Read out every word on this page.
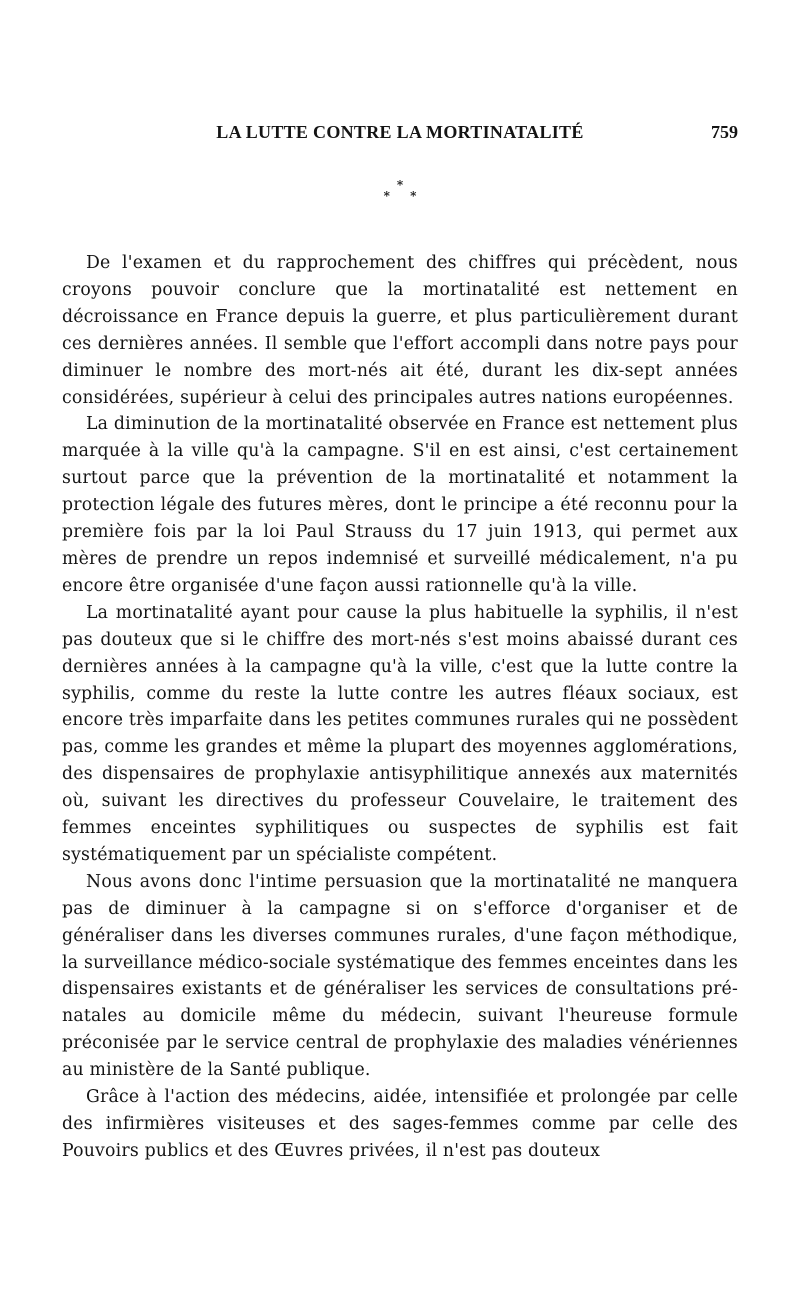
LA LUTTE CONTRE LA MORTINATALITÉ	759
*
* *

De l'examen et du rapprochement des chiffres qui précèdent, nous croyons pouvoir conclure que la mortinatalité est nettement en décroissance en France depuis la guerre, et plus particulièrement durant ces dernières années. Il semble que l'effort accompli dans notre pays pour diminuer le nombre des mort-nés ait été, durant les dix-sept années considérées, supérieur à celui des principales autres nations européennes.

La diminution de la mortinatalité observée en France est nettement plus marquée à la ville qu'à la campagne. S'il en est ainsi, c'est certainement surtout parce que la prévention de la mortinatalité et notamment la protection légale des futures mères, dont le principe a été reconnu pour la première fois par la loi Paul Strauss du 17 juin 1913, qui permet aux mères de prendre un repos indemnisé et surveillé médicalement, n'a pu encore être organisée d'une façon aussi rationnelle qu'à la ville.

La mortinatalité ayant pour cause la plus habituelle la syphilis, il n'est pas douteux que si le chiffre des mort-nés s'est moins abaissé durant ces dernières années à la campagne qu'à la ville, c'est que la lutte contre la syphilis, comme du reste la lutte contre les autres fléaux sociaux, est encore très imparfaite dans les petites communes rurales qui ne possèdent pas, comme les grandes et même la plupart des moyennes agglomérations, des dispensaires de prophylaxie antisyphilitique annexés aux maternités où, suivant les directives du professeur Couvelaire, le traitement des femmes enceintes syphilitiques ou suspectes de syphilis est fait systématiquement par un spécialiste compétent.

Nous avons donc l'intime persuasion que la mortinatalité ne manquera pas de diminuer à la campagne si on s'efforce d'organiser et de généraliser dans les diverses communes rurales, d'une façon méthodique, la surveillance médico-sociale systématique des femmes enceintes dans les dispensaires existants et de généraliser les services de consultations pré-natales au domicile même du médecin, suivant l'heureuse formule préconisée par le service central de prophylaxie des maladies vénériennes au ministère de la Santé publique.

Grâce à l'action des médecins, aidée, intensifiée et prolongée par celle des infirmières visiteuses et des sages-femmes comme par celle des Pouvoirs publics et des Œuvres privées, il n'est pas douteux
